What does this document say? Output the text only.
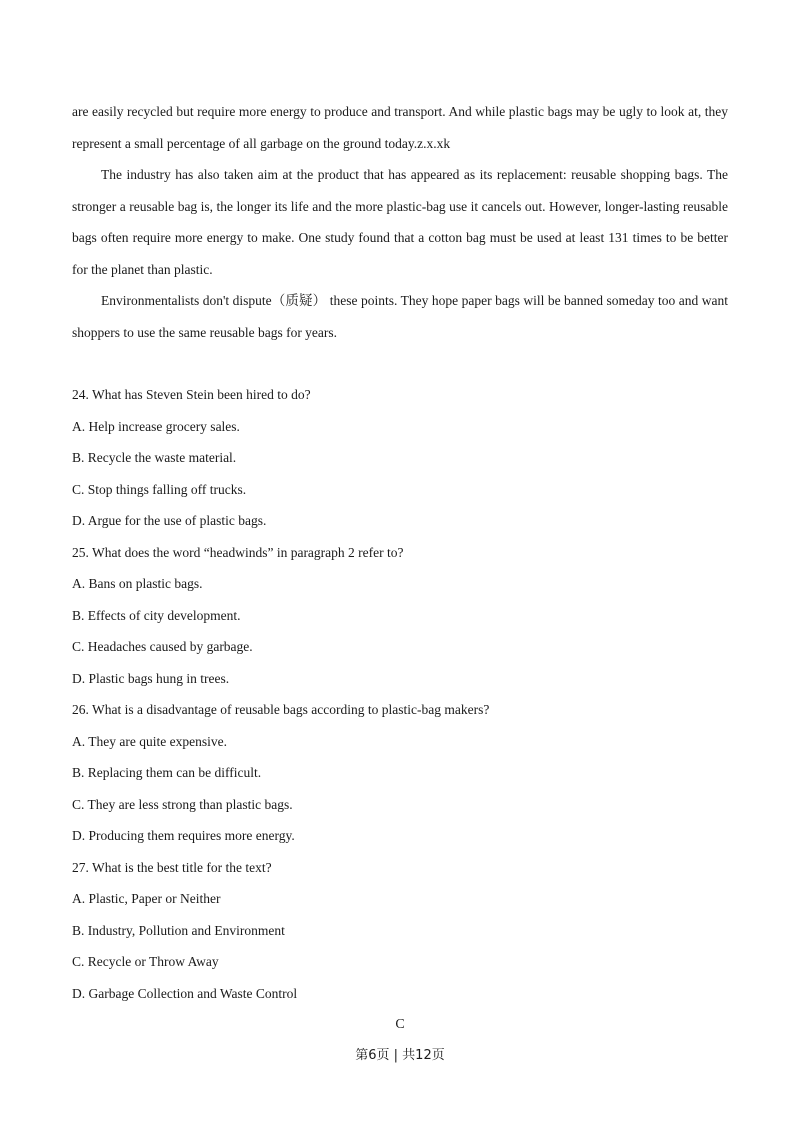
are easily recycled but require more energy to produce and transport. And while plastic bags may be ugly to look at, they represent a small percentage of all garbage on the ground today.z.x.xk

The industry has also taken aim at the product that has appeared as its replacement: reusable shopping bags. The stronger a reusable bag is, the longer its life and the more plastic-bag use it cancels out. However, longer-lasting reusable bags often require more energy to make. One study found that a cotton bag must be used at least 131 times to be better for the planet than plastic.

Environmentalists don't dispute（质疑） these points. They hope paper bags will be banned someday too and want shoppers to use the same reusable bags for years.

24. What has Steven Stein been hired to do?

A. Help increase grocery sales.

B. Recycle the waste material.

C. Stop things falling off trucks.

D. Argue for the use of plastic bags.

25. What does the word “headwinds” in paragraph 2 refer to?

A. Bans on plastic bags.

B. Effects of city development.

C. Headaches caused by garbage.

D. Plastic bags hung in trees.

26. What is a disadvantage of reusable bags according to plastic-bag makers?

A. They are quite expensive.

B. Replacing them can be difficult.

C. They are less strong than plastic bags.

D. Producing them requires more energy.

27. What is the best title for the text?

A. Plastic, Paper or Neither

B. Industry, Pollution and Environment

C. Recycle or Throw Away

D. Garbage Collection and Waste Control

C
第6页 | 共12页
